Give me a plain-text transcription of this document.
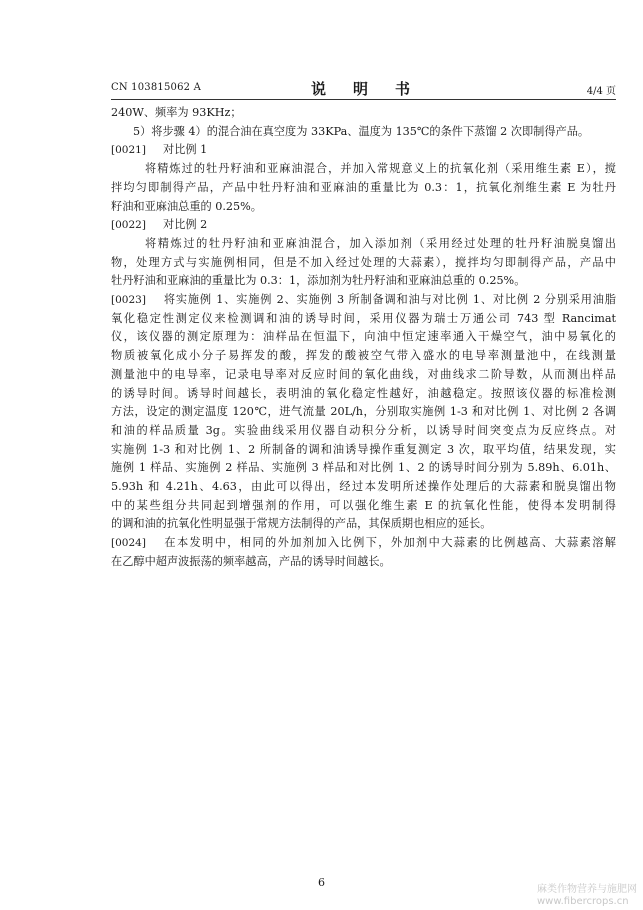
CN 103815062 A	说　明　书	4/4 页
240W、频率为 93KHz；
5）将步骤 4）的混合油在真空度为 33KPa、温度为 135℃的条件下蒸馏 2 次即制得产品。
[0021] 对比例 1
将精炼过的牡丹籽油和亚麻油混合，并加入常规意义上的抗氧化剂（采用维生素 E），搅
拌均匀即制得产品，产品中牡丹籽油和亚麻油的重量比为 0.3：1，抗氧化剂维生素 E 为牡丹
籽油和亚麻油总重的 0.25%。
[0022] 对比例 2
将精炼过的牡丹籽油和亚麻油混合，加入添加剂（采用经过处理的牡丹籽油脱臭馏出
物，处理方式与实施例相同，但是不加入经过处理的大蒜素），搅拌均匀即制得产品，产品中
牡丹籽油和亚麻油的重量比为 0.3：1，添加剂为牡丹籽油和亚麻油总重的 0.25%。
[0023] 将实施例 1、实施例 2、实施例 3 所制备调和油与对比例 1、对比例 2 分别采用油脂
氧化稳定性测定仪来检测调和油的诱导时间，采用仪器为瑞士万通公司 743 型 Rancimat
仪，该仪器的测定原理为：油样品在恒温下，向油中恒定速率通入干燥空气，油中易氧化的
物质被氧化成小分子易挥发的酸，挥发的酸被空气带入盛水的电导率测量池中，在线测量
测量池中的电导率，记录电导率对反应时间的氧化曲线，对曲线求二阶导数，从而测出样品
的诱导时间。诱导时间越长，表明油的氧化稳定性越好，油越稳定。按照该仪器的标准检测
方法，设定的测定温度 120℃，进气流量 20L/h，分别取实施例 1-3 和对比例 1、对比例 2 各调
和油的样品质量 3g。实验曲线采用仪器自动积分分析，以诱导时间突变点为反应终点。对
实施例 1-3 和对比例 1、2 所制备的调和油诱导操作重复测定 3 次，取平均值，结果发现，实
施例 1 样品、实施例 2 样品、实施例 3 样品和对比例 1、2 的诱导时间分别为 5.89h、6.01h、
5.93h 和 4.21h、4.63，由此可以得出，经过本发明所述操作处理后的大蒜素和脱臭馏出物
中的某些组分共同起到增强剂的作用，可以强化维生素 E 的抗氧化性能，使得本发明制得
的调和油的抗氧化性明显强于常规方法制得的产品，其保质期也相应的延长。
[0024] 在本发明中，相同的外加剂加入比例下，外加剂中大蒜素的比例越高、大蒜素溶解
在乙醇中超声波振荡的频率越高，产品的诱导时间越长。
6
麻类作物营养与施肥网
www.fibercrops.cn
